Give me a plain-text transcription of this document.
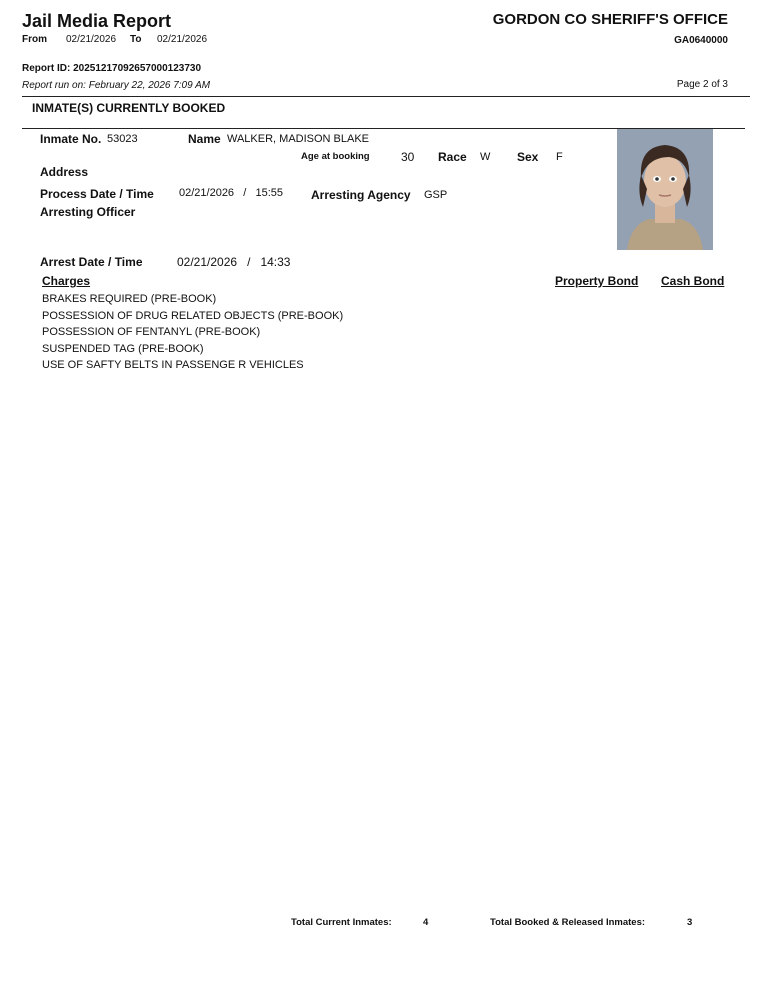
Jail Media Report	GORDON CO SHERIFF'S OFFICE
From 02/21/2026 To 02/21/2026	GA0640000
Report ID: 2025121709265700012373​0
Report run on: February 22, 2026 7:09 AM	Page 2 of 3
INMATE(S) CURRENTLY BOOKED
Inmate No. 53023	Name WALKER, MADISON BLAKE
Age at booking	30 Race W Sex F
Address
Process Date / Time 02/21/2026 / 15:55 Arresting Agency GSP
Arresting Officer
Arrest Date / Time	02/21/2026 / 14:33
Charges	Property Bond Cash Bond
BRAKES REQUIRED (PRE-BOOK)
POSSESSION OF DRUG RELATED OBJECTS (PRE-BOOK)
POSSESSION OF FENTANYL (PRE-BOOK)
SUSPENDED TAG (PRE-BOOK)
USE OF SAFTY BELTS IN PASSENGE R VEHICLES
Total Current Inmates:	4	Total Booked & Released Inmates:	3
